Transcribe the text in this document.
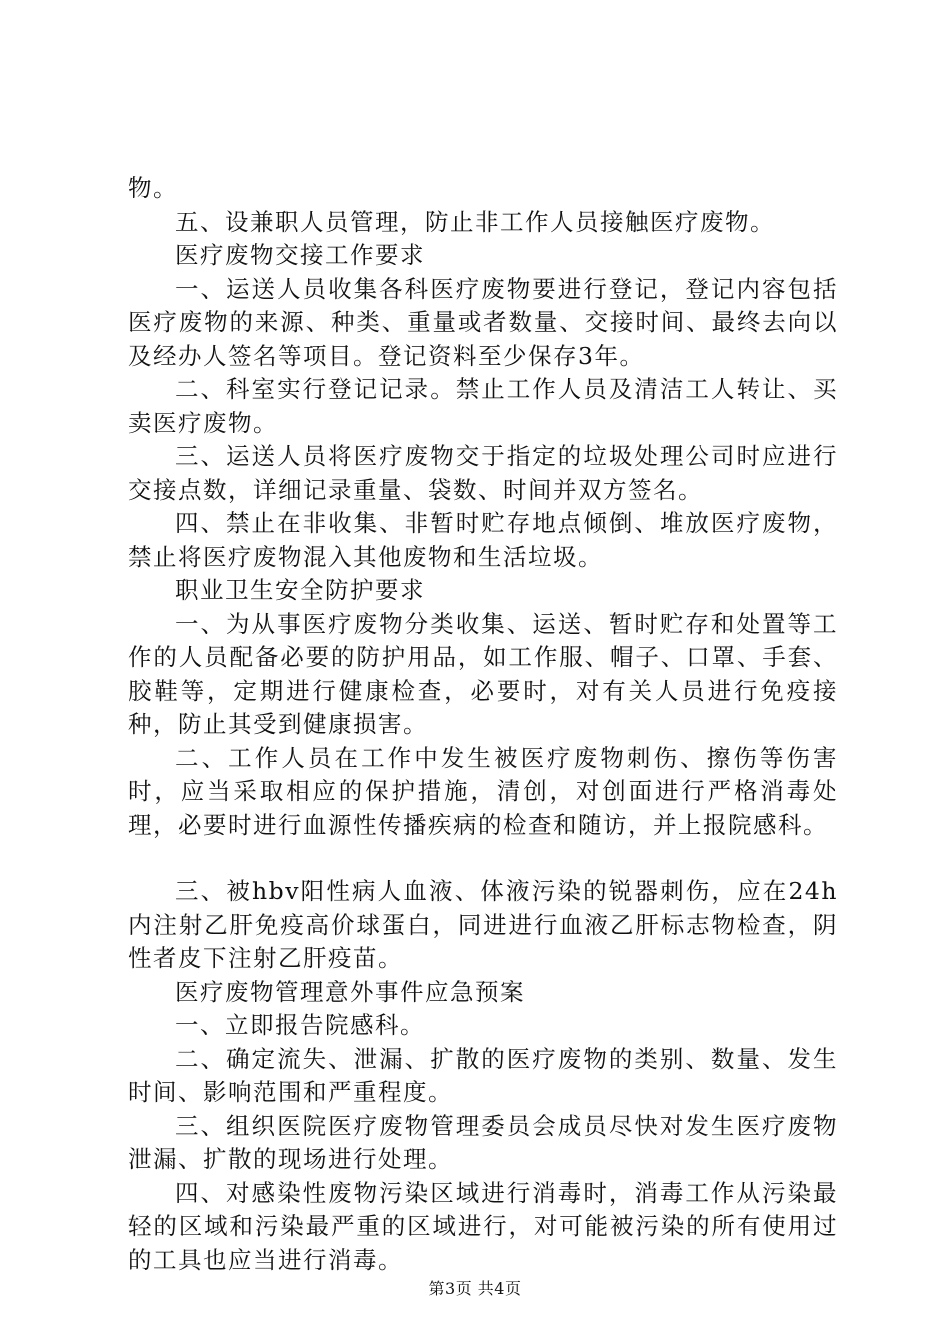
物。

五、设兼职人员管理，防止非工作人员接触医疗废物。

医疗废物交接工作要求

一、运送人员收集各科医疗废物要进行登记，登记内容包括医疗废物的来源、种类、重量或者数量、交接时间、最终去向以及经办人签名等项目。登记资料至少保存3年。

二、科室实行登记记录。禁止工作人员及清洁工人转让、买卖医疗废物。

三、运送人员将医疗废物交于指定的垃圾处理公司时应进行交接点数，详细记录重量、袋数、时间并双方签名。

四、禁止在非收集、非暂时贮存地点倾倒、堆放医疗废物，禁止将医疗废物混入其他废物和生活垃圾。

职业卫生安全防护要求

一、为从事医疗废物分类收集、运送、暂时贮存和处置等工作的人员配备必要的防护用品，如工作服、帽子、口罩、手套、胶鞋等，定期进行健康检查，必要时，对有关人员进行免疫接种，防止其受到健康损害。

二、工作人员在工作中发生被医疗废物刺伤、擦伤等伤害时，应当采取相应的保护措施，清创，对创面进行严格消毒处理，必要时进行血源性传播疾病的检查和随访，并上报院感科。

三、被hbv阳性病人血液、体液污染的锐器刺伤，应在24h内注射乙肝免疫高价球蛋白，同进进行血液乙肝标志物检查，阴性者皮下注射乙肝疫苗。

医疗废物管理意外事件应急预案

一、立即报告院感科。

二、确定流失、泄漏、扩散的医疗废物的类别、数量、发生时间、影响范围和严重程度。

三、组织医院医疗废物管理委员会成员尽快对发生医疗废物泄漏、扩散的现场进行处理。

四、对感染性废物污染区域进行消毒时，消毒工作从污染最轻的区域和污染最严重的区域进行，对可能被污染的所有使用过的工具也应当进行消毒。

第3页 共4页
